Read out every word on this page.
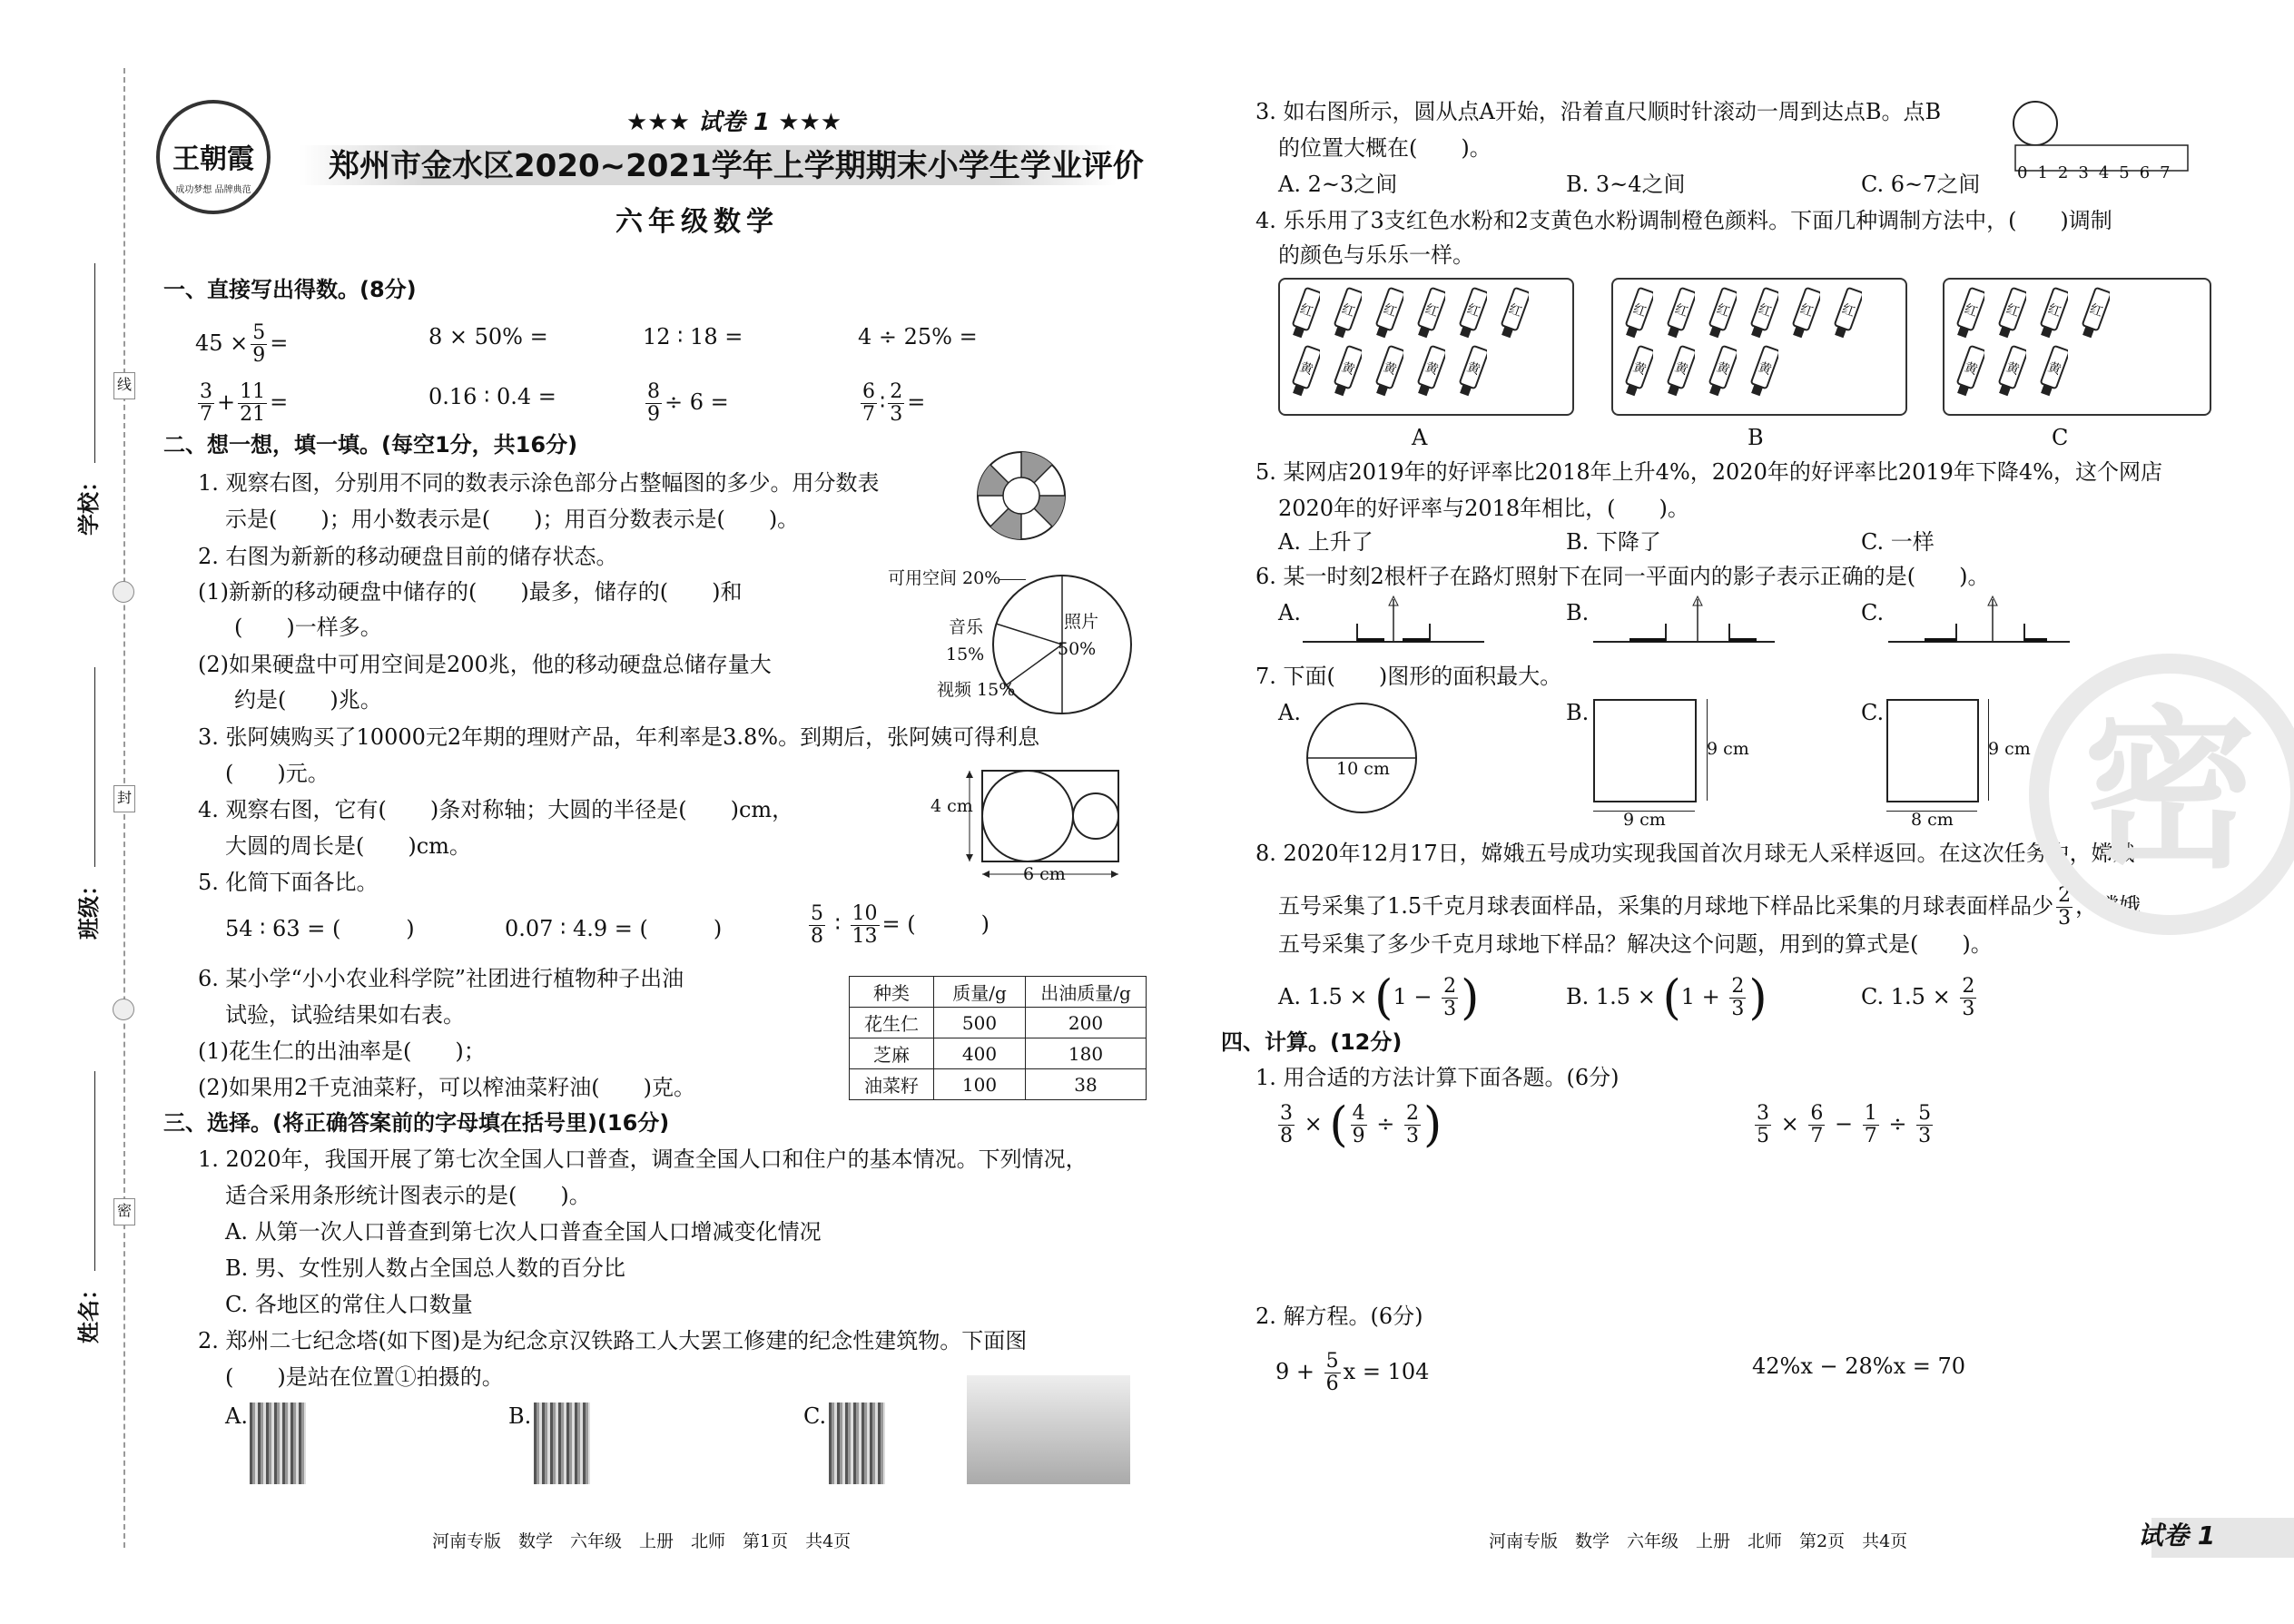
线
封
密
学校：
班级：
姓名：
王朝霞
成功梦想 品牌典范
★★★ 试卷 1 ★★★
郑州市金水区2020~2021学年上学期期末小学生学业评价
六年级数学
一、直接写出得数。(8分)
$45 \times \frac{5}{9}$ =	8 × 50% =	12 ∶ 18 =	4 ÷ 25% =
$\frac{3}{7} + \frac{11}{21}$ =	0.16 ∶ 0.4 =	$\frac{8}{9} \div 6$ =	$\frac{6}{7}$ ∶ $\frac{2}{3}$ =
二、想一想，填一填。(每空1分，共16分)
1. 观察右图，分别用不同的数表示涂色部分占整幅图的多少。用分数表
示是(　　)；用小数表示是(　　)；用百分数表示是(　　)。
2. 右图为新新的移动硬盘目前的储存状态。
(1)新新的移动硬盘中储存的(　　)最多，储存的(　　)和
(　　)一样多。
(2)如果硬盘中可用空间是200兆，他的移动硬盘总储存量大
约是(　　)兆。
可用空间 20%
照片
50%
音乐
15%
视频 15%
3. 张阿姨购买了10000元2年期的理财产品，年利率是3.8%。到期后，张阿姨可得利息
(　　)元。
4. 观察右图，它有(　　)条对称轴；大圆的半径是(　　)cm，
大圆的周长是(　　)cm。
4 cm
6 cm
5. 化简下面各比。
54 ∶ 63 = (　　　)	0.07 ∶ 4.9 = (　　　)	$\frac{5}{8}$ ∶ $\frac{10}{13}$ = (　　　)
6. 某小学“小小农业科学院”社团进行植物种子出油
试验，试验结果如右表。
(1)花生仁的出油率是(　　)；
(2)如果用2千克油菜籽，可以榨油菜籽油(　　)克。
种类	质量/g	出油质量/g
花生仁	500	200
芝麻	400	180
油菜籽	100	38
三、选择。(将正确答案前的字母填在括号里)(16分)
1. 2020年，我国开展了第七次全国人口普查，调查全国人口和住户的基本情况。下列情况，
适合采用条形统计图表示的是(　　)。
A. 从第一次人口普查到第七次人口普查全国人口增减变化情况
B. 男、女性别人数占全国总人数的百分比
C. 各地区的常住人口数量
2. 郑州二七纪念塔(如下图)是为纪念京汉铁路工人大罢工修建的纪念性建筑物。下面图
(　　)是站在位置①拍摄的。
A.	B.	C.
河南专版　数学　六年级　上册　北师　第1页　共4页
3. 如右图所示，圆从点A开始，沿着直尺顺时针滚动一周到达点B。点B
的位置大概在(　　)。
A. 2~3之间	B. 3~4之间	C. 6~7之间 01234567
4. 乐乐用了3支红色水粉和2支黄色水粉调制橙色颜料。下面几种调制方法中，(　　)调制
的颜色与乐乐一样。
红 红 红 红 红 红
黄 黄 黄 黄 黄
红 红 红 红 红 红
黄 黄 黄 黄
红 红 红 红
黄 黄 黄
A	B	C
5. 某网店2019年的好评率比2018年上升4%，2020年的好评率比2019年下降4%，这个网店
2020年的好评率与2018年相比，(　　)。
A. 上升了	B. 下降了	C. 一样
6. 某一时刻2根杆子在路灯照射下在同一平面内的影子表示正确的是(　　)。
A.	B.	C.
7. 下面(　　)图形的面积最大。
A.	B.	C.
10 cm
9 cm
9 cm
9 cm
8 cm
8. 2020年12月17日，嫦娥五号成功实现我国首次月球无人采样返回。在这次任务中，嫦娥
五号采集了1.5千克月球表面样品，采集的月球地下样品比采集的月球表面样品少 $\frac{2}{3}$ ，嫦娥
五号采集了多少千克月球地下样品？解决这个问题，用到的算式是(　　)。
A. $1.5 \times (1 - \frac{2}{3}$ )	B. $1.5 \times (1 + \frac{2}{3}$ )	C. $1.5 \times \frac{2}{3}$
四、计算。(12分)
1. 用合适的方法计算下面各题。(6分)
$\frac{3}{8}$ × ( $\frac{4}{9} \div \frac{2}{3}$ )	$\frac{3}{5} \times \frac{6}{7} - \frac{1}{7} \div \frac{5}{3}$
2. 解方程。(6分)
$9 + \frac{5}{6}$ x = 104	42%x − 28%x = 70
密
河南专版　数学　六年级　上册　北师　第2页　共4页	试卷 1
